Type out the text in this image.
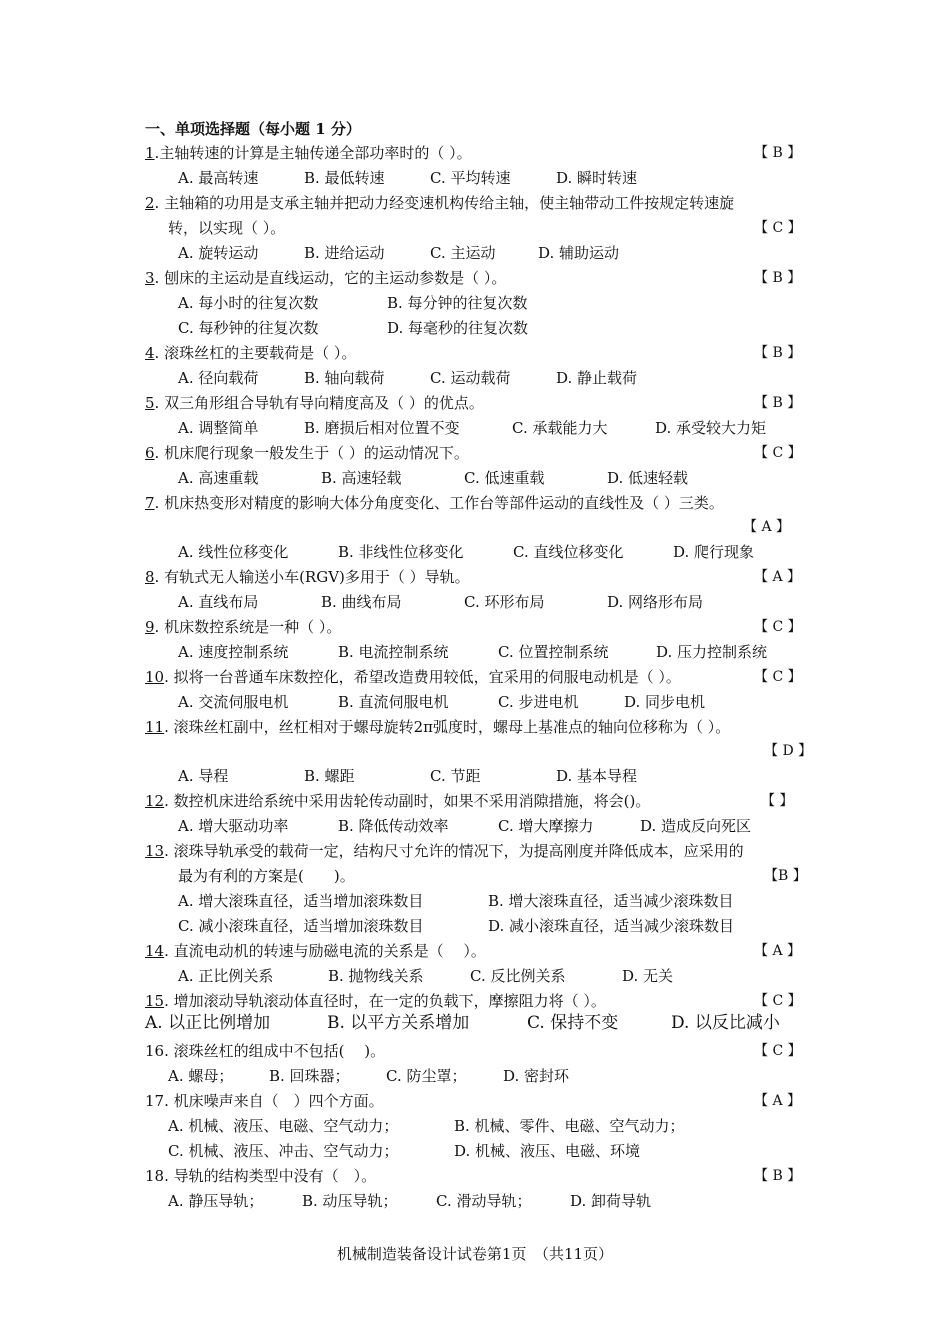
一、单项选择题（每小题 1 分）
1.主轴转速的计算是主轴传递全部功率时的（ ）。	【 B 】
A. 最高转速	B. 最低转速	C. 平均转速	D. 瞬时转速
2. 主轴箱的功用是支承主轴并把动力经变速机构传给主轴，使主轴带动工件按规定转速旋
转，以实现（ ）。	【 C 】
A. 旋转运动	B. 进给运动	C. 主运动	D. 辅助运动
3. 刨床的主运动是直线运动，它的主运动参数是（ ）。	【 B 】
A. 每小时的往复次数	B. 每分钟的往复次数
C. 每秒钟的往复次数	D. 每毫秒的往复次数
4. 滚珠丝杠的主要载荷是（ ）。	【 B 】
A. 径向载荷	B. 轴向载荷	C. 运动载荷	D. 静止载荷
5. 双三角形组合导轨有导向精度高及（ ）的优点。	【 B 】
A. 调整简单	B. 磨损后相对位置不变	C. 承载能力大	D. 承受较大力矩
6. 机床爬行现象一般发生于（ ）的运动情况下。	【 C 】
A. 高速重载	B. 高速轻载	C. 低速重载	D. 低速轻载
7. 机床热变形对精度的影响大体分角度变化、工作台等部件运动的直线性及（ ）三类。
【 A 】
A. 线性位移变化	B. 非线性位移变化	C. 直线位移变化	D. 爬行现象
8. 有轨式无人输送小车(RGV)多用于（ ）导轨。	【 A 】
A. 直线布局	B. 曲线布局	C. 环形布局	D. 网络形布局
9. 机床数控系统是一种（ ）。	【 C 】
A. 速度控制系统	B. 电流控制系统	C. 位置控制系统	D. 压力控制系统
10. 拟将一台普通车床数控化，希望改造费用较低，宜采用的伺服电动机是（ ）。	【 C 】
A. 交流伺服电机	B. 直流伺服电机	C. 步进电机	D. 同步电机
11. 滚珠丝杠副中，丝杠相对于螺母旋转2π弧度时，螺母上基准点的轴向位移称为（ ）。
【 D 】
A. 导程	B. 螺距	C. 节距	D. 基本导程
12. 数控机床进给系统中采用齿轮传动副时，如果不采用消隙措施，将会()。	【 】
A. 增大驱动功率	B. 降低传动效率	C. 增大摩擦力	D. 造成反向死区
13. 滚珠导轨承受的载荷一定，结构尺寸允许的情况下，为提高刚度并降低成本，应采用的
最为有利的方案是(　　)。	【B 】
A. 增大滚珠直径，适当增加滚珠数目	B. 增大滚珠直径，适当减少滚珠数目
C. 减小滚珠直径，适当增加滚珠数目	D. 减小滚珠直径，适当减少滚珠数目
14. 直流电动机的转速与励磁电流的关系是（　 ）。	【 A 】
A. 正比例关系	B. 抛物线关系	C. 反比例关系	D. 无关
15. 增加滚动导轨滚动体直径时，在一定的负载下，摩擦阻力将（ ）。	【 C 】
A. 以正比例增加	B. 以平方关系增加	C. 保持不变	D. 以反比减小
16. 滚珠丝杠的组成中不包括(　 )。	【 C 】
A. 螺母； B. 回珠器； C. 防尘罩； D. 密封环
17. 机床噪声来自（　）四个方面。	【 A 】
A. 机械、液压、电磁、空气动力；	B. 机械、零件、电磁、空气动力；
C. 机械、液压、冲击、空气动力；	D. 机械、液压、电磁、环境
18. 导轨的结构类型中没有（　）。	【 B 】
A. 静压导轨；	B. 动压导轨；	C. 滑动导轨；	D. 卸荷导轨
机械制造装备设计试卷第1页　（共11页）
